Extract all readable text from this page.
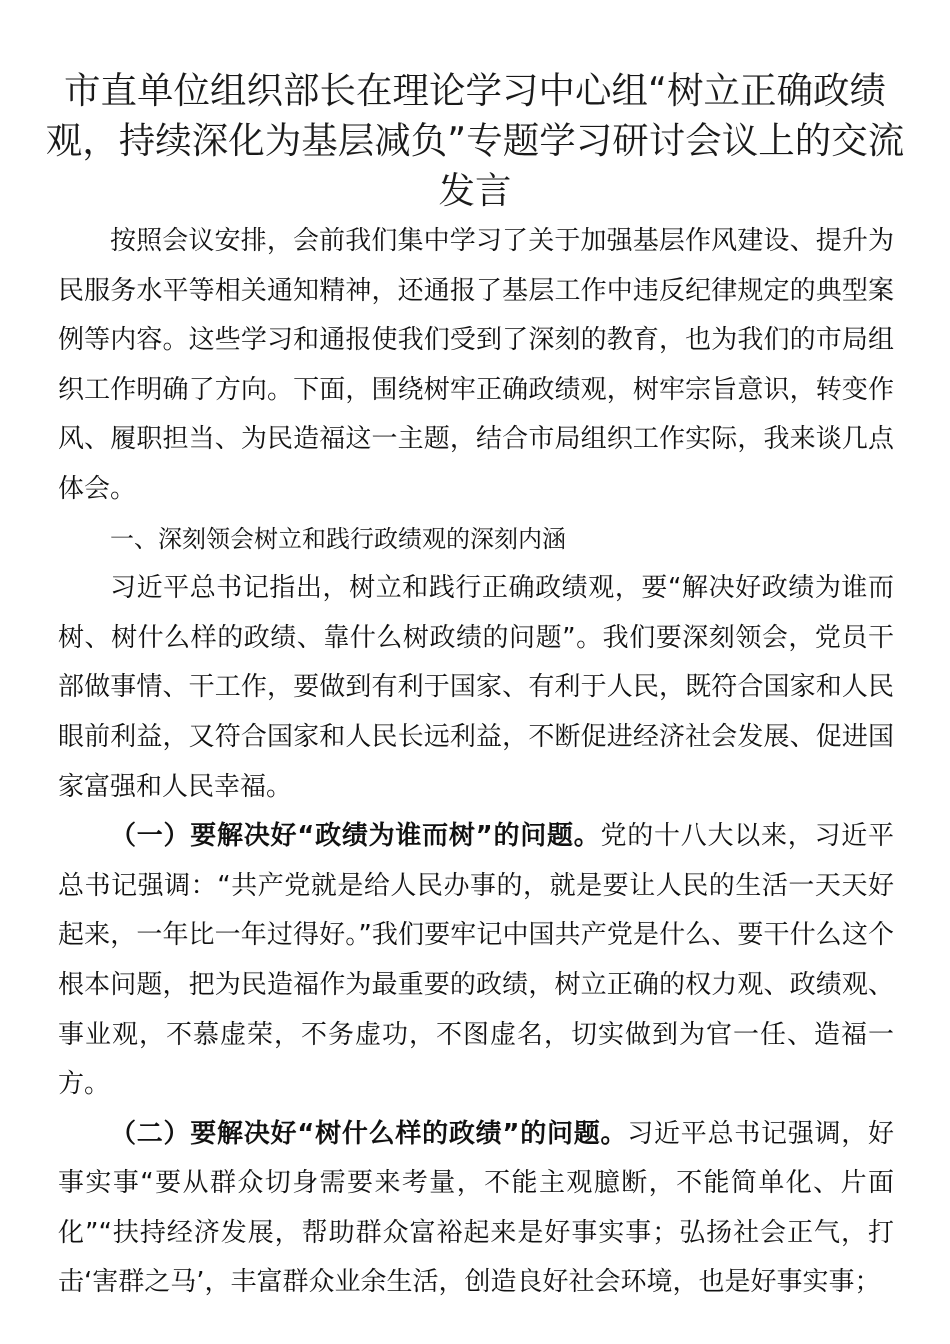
市直单位组织部长在理论学习中心组“树立正确政绩观，持续深化为基层减负”专题学习研讨会议上的交流发言

按照会议安排，会前我们集中学习了关于加强基层作风建设、提升为民服务水平等相关通知精神，还通报了基层工作中违反纪律规定的典型案例等内容。这些学习和通报使我们受到了深刻的教育，也为我们的市局组织工作明确了方向。下面，围绕树牢正确政绩观，树牢宗旨意识，转变作风、履职担当、为民造福这一主题，结合市局组织工作实际，我来谈几点体会。

一、深刻领会树立和践行政绩观的深刻内涵

习近平总书记指出，树立和践行正确政绩观，要“解决好政绩为谁而树、树什么样的政绩、靠什么树政绩的问题”。我们要深刻领会，党员干部做事情、干工作，要做到有利于国家、有利于人民，既符合国家和人民眼前利益，又符合国家和人民长远利益，不断促进经济社会发展、促进国家富强和人民幸福。

（一）要解决好“政绩为谁而树”的问题。党的十八大以来，习近平总书记强调：“共产党就是给人民办事的，就是要让人民的生活一天天好起来，一年比一年过得好。”我们要牢记中国共产党是什么、要干什么这个根本问题，把为民造福作为最重要的政绩，树立正确的权力观、政绩观、事业观，不慕虚荣，不务虚功，不图虚名，切实做到为官一任、造福一方。

（二）要解决好“树什么样的政绩”的问题。习近平总书记强调，好事实事“要从群众切身需要来考量，不能主观臆断，不能简单化、片面化”“扶持经济发展，帮助群众富裕起来是好事实事；弘扬社会正气，打击‘害群之马’，丰富群众业余生活，创造良好社会环境，也是好事实事；
